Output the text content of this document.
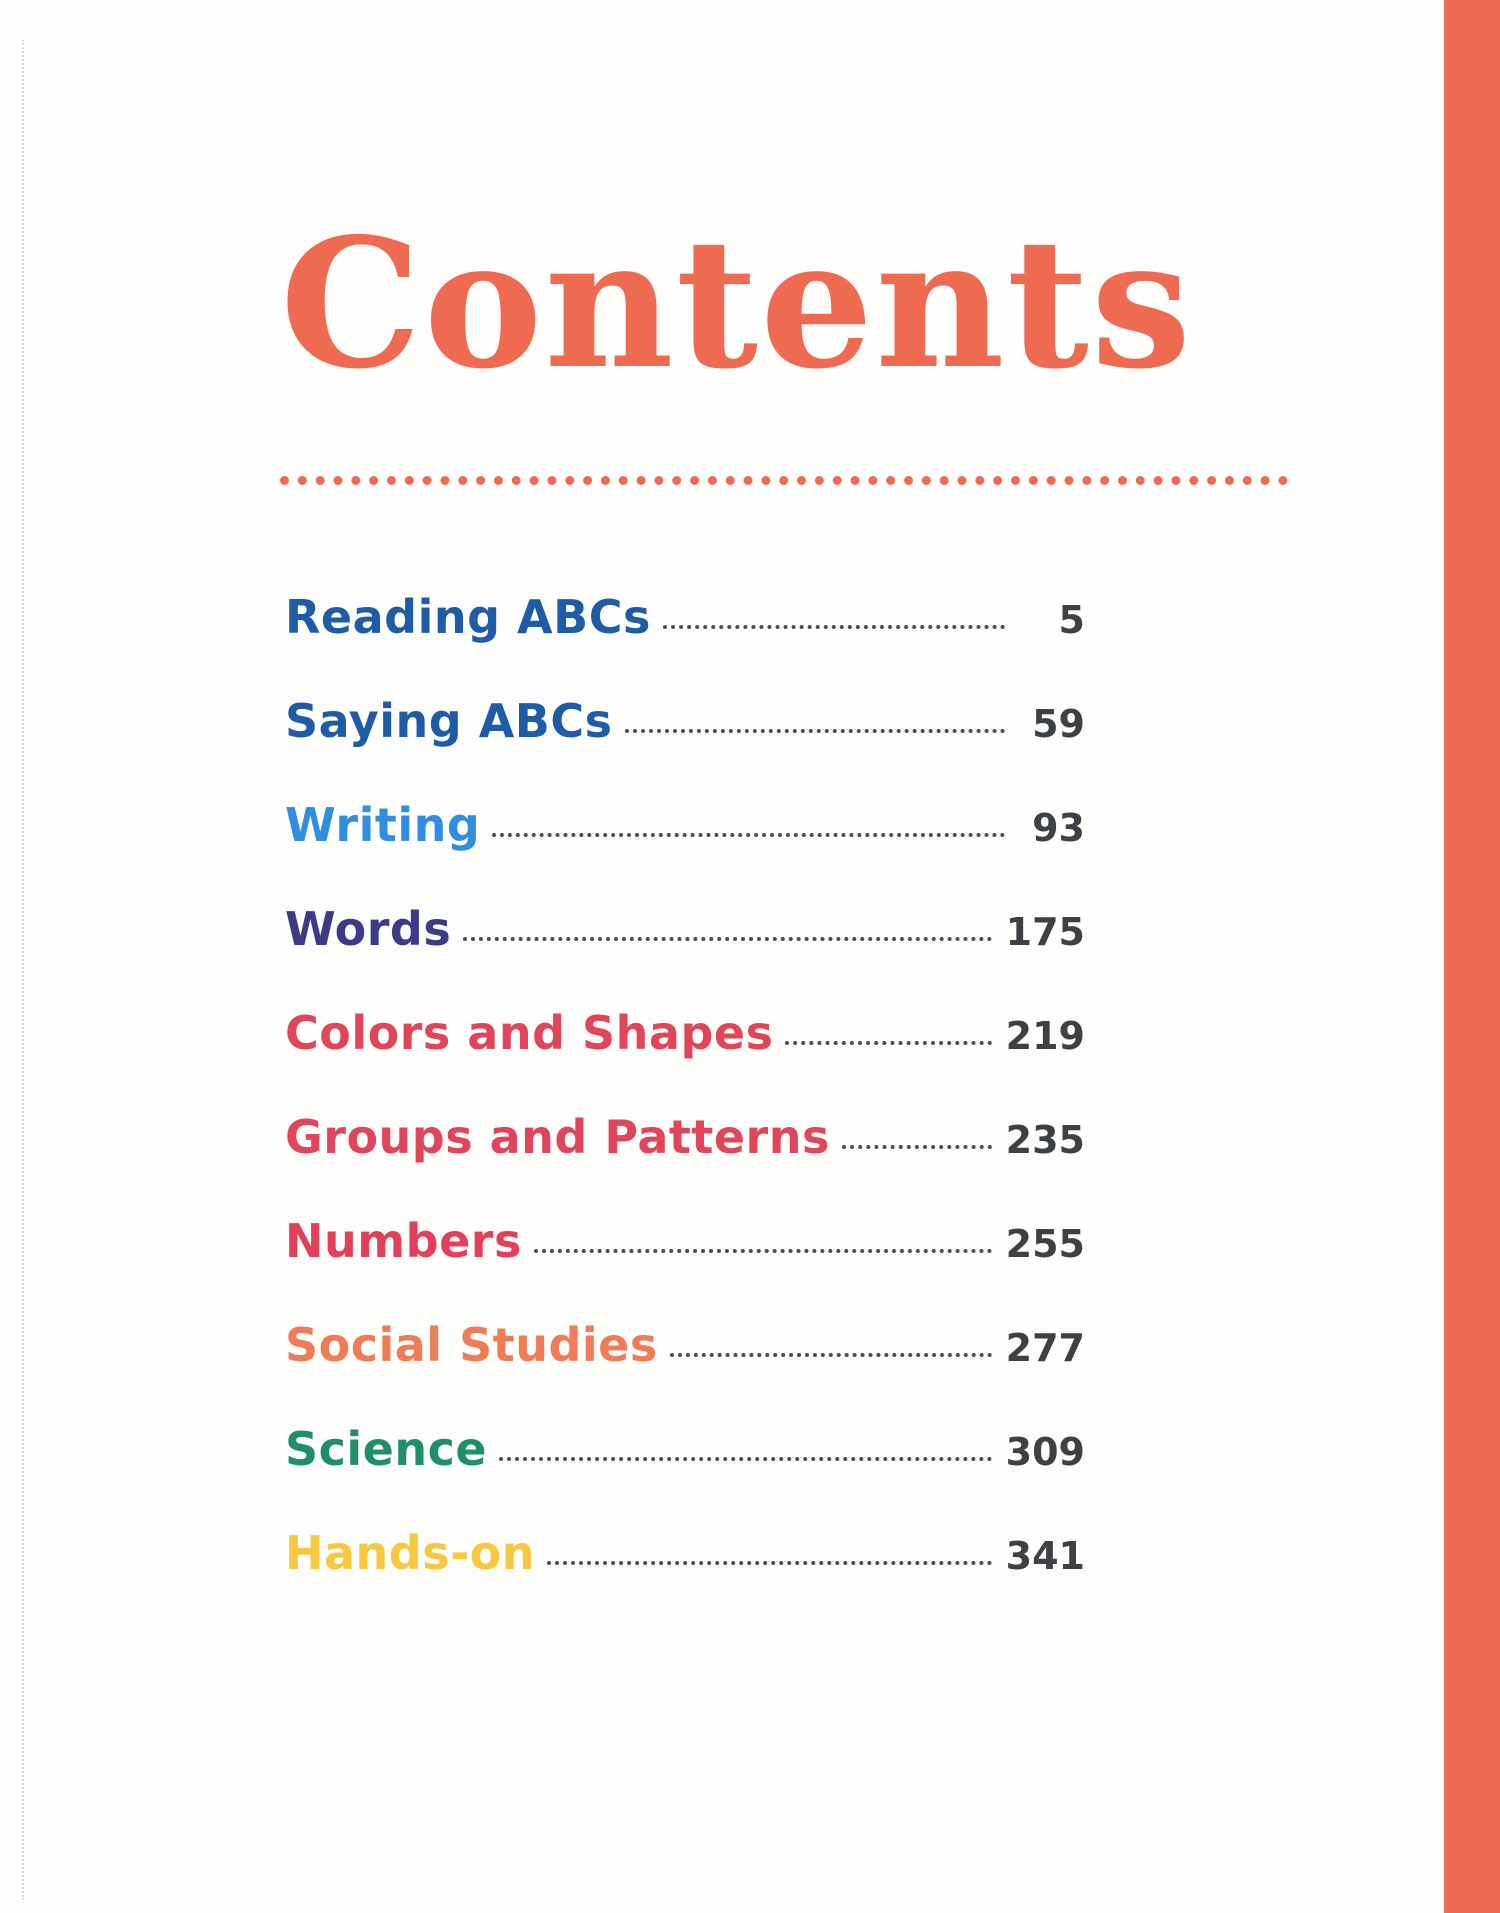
Contents
Reading ABCs	5
Saying ABCs	59
Writing	93
Words	175
Colors and Shapes	219
Groups and Patterns	235
Numbers	255
Social Studies	277
Science	309
Hands-on	341
